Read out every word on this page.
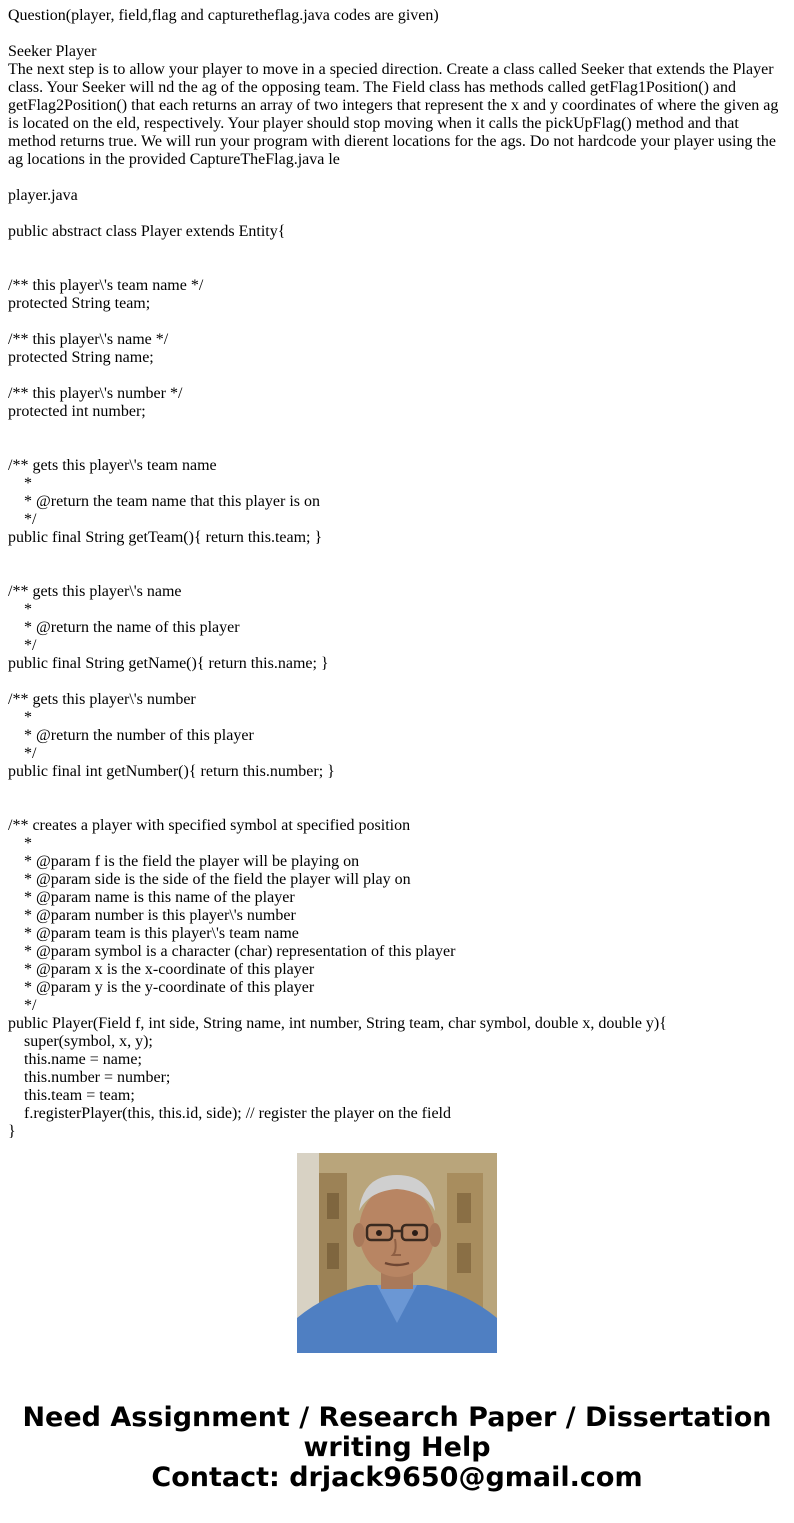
Question(player, field,flag and capturetheflag.java codes are given)

Seeker Player

The next step is to allow your player to move in a specied direction. Create a class called Seeker that extends the Player class. Your Seeker will nd the ag of the opposing team. The Field class has methods called getFlag1Position() and getFlag2Position() that each returns an array of two integers that represent the x and y coordinates of where the given ag is located on the eld, respectively. Your player should stop moving when it calls the pickUpFlag() method and that method returns true. We will run your program with dierent locations for the ags. Do not hardcode your player using the ag locations in the provided CaptureTheFlag.java le

player.java

public abstract class Player extends Entity{
/** this player\'s team name */
protected String team;
/** this player\'s name */
protected String name;
/** this player\'s number */
protected int number;
/** gets this player\'s team name
*
* @return the team name that this player is on
*/
public final String getTeam(){ return this.team; }
/** gets this player\'s name
*
* @return the name of this player
*/
public final String getName(){ return this.name; }
/** gets this player\'s number
*
* @return the number of this player
*/
public final int getNumber(){ return this.number; }
/** creates a player with specified symbol at specified position
*
* @param f is the field the player will be playing on
* @param side is the side of the field the player will play on
* @param name is this name of the player
* @param number is this player\'s number
* @param team is this player\'s team name
* @param symbol is a character (char) representation of this player
* @param x is the x-coordinate of this player
* @param y is the y-coordinate of this player
*/
public Player(Field f, int side, String name, int number, String team, char symbol, double x, double y){
super(symbol, x, y);
this.name = name;
this.number = number;
this.team = team;
f.registerPlayer(this, this.id, side); // register the player on the field
}
Need Assignment / Research Paper / Dissertation
writing Help
Contact: drjack9650@gmail.com
